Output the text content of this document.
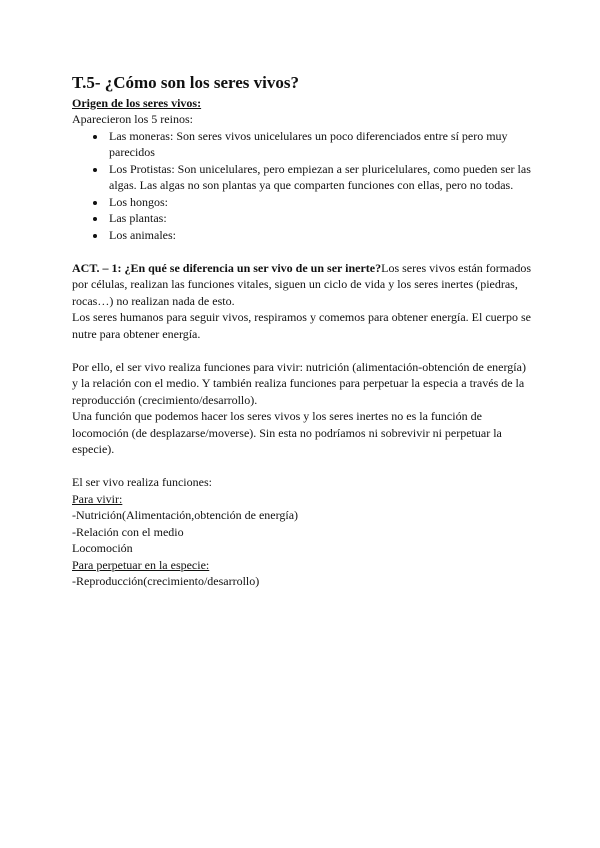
T.5- ¿Cómo son los seres vivos?

Origen de los seres vivos:

Aparecieron los 5 reinos:

• Las moneras: Son seres vivos unicelulares un poco diferenciados entre sí pero muy parecidos
• Los Protistas: Son unicelulares, pero empiezan a ser pluricelulares, como pueden ser las algas. Las algas no son plantas ya que comparten funciones con ellas, pero no todas.
• Los hongos:
• Las plantas:
• Los animales:

ACT. – 1: ¿En qué se diferencia un ser vivo de un ser inerte?Los seres vivos están formados por células, realizan las funciones vitales, siguen un ciclo de vida y los seres inertes (piedras, rocas…) no realizan nada de esto.

Los seres humanos para seguir vivos, respiramos y comemos para obtener energía. El cuerpo se nutre para obtener energía.

Por ello, el ser vivo realiza funciones para vivir: nutrición (alimentación-obtención de energía) y la relación con el medio. Y también realiza funciones para perpetuar la especia a través de la reproducción (crecimiento/desarrollo).

Una función que podemos hacer los seres vivos y los seres inertes no es la función de locomoción (de desplazarse/moverse). Sin esta no podríamos ni sobrevivir ni perpetuar la especie).

El ser vivo realiza funciones:

Para vivir:

-Nutrición(Alimentación,obtención de energía)

-Relación con el medio

Locomoción

Para perpetuar en la especie:

-Reproducción(crecimiento/desarrollo)
